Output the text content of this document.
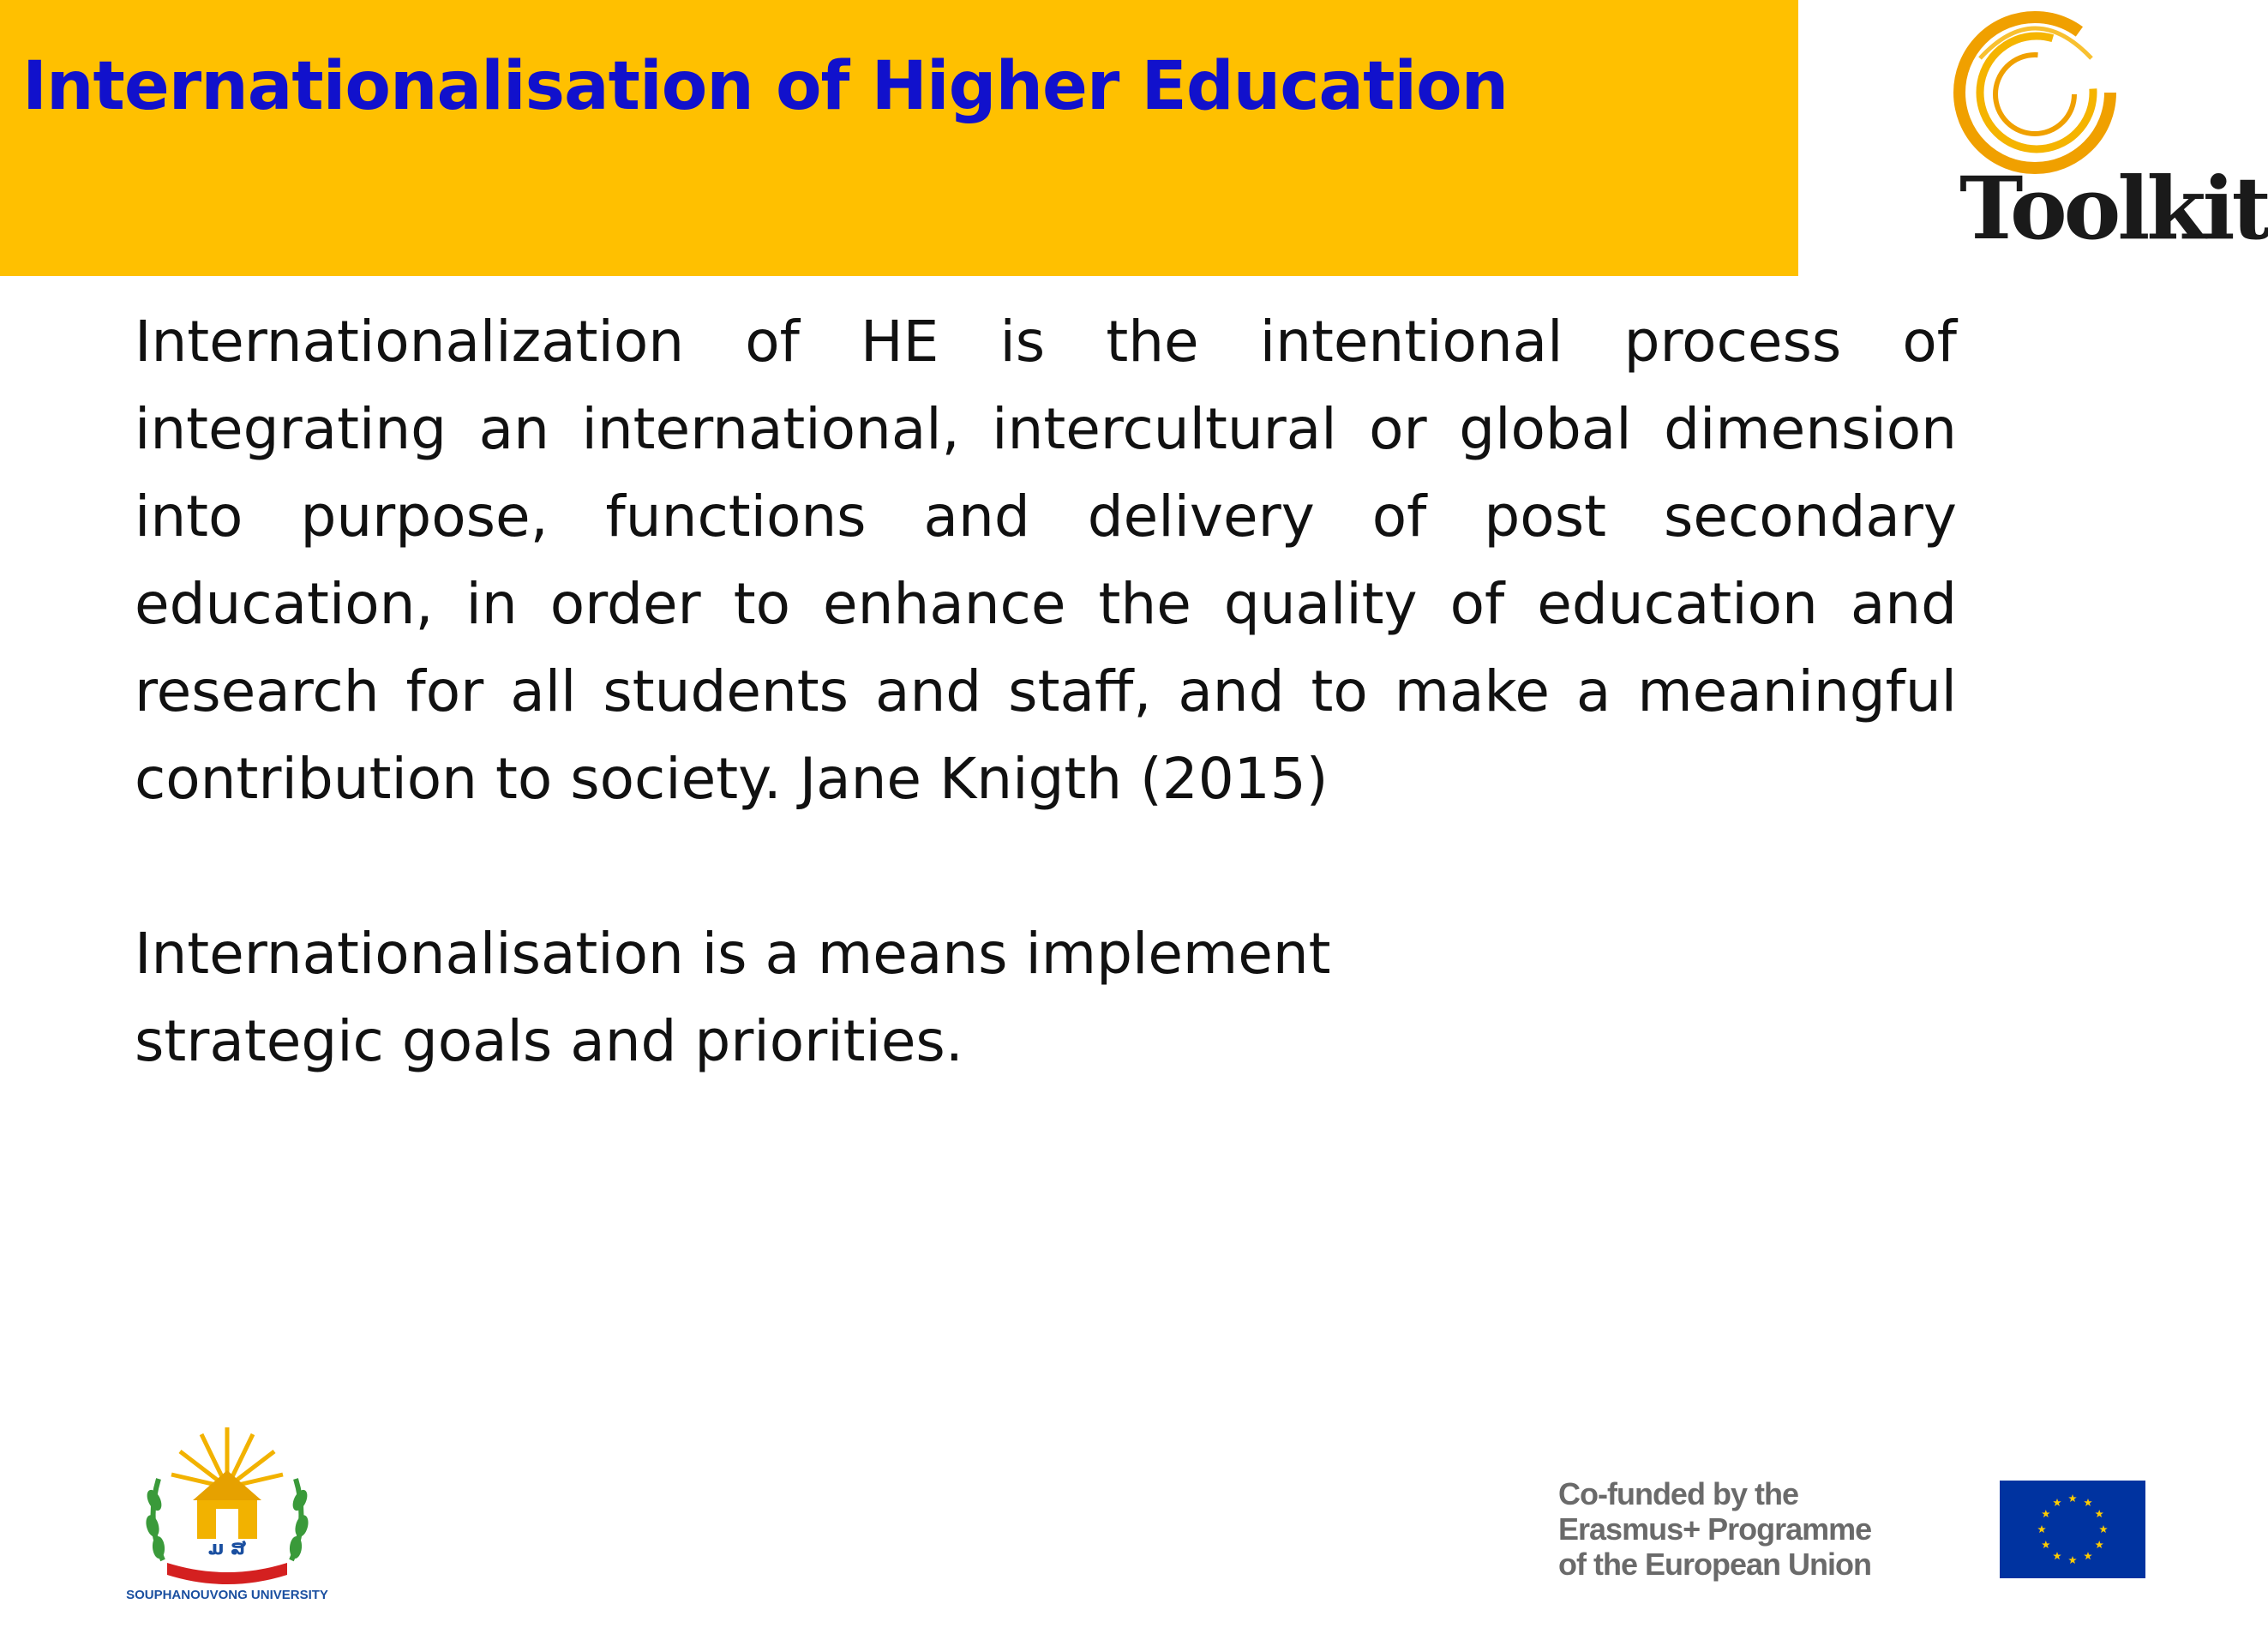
Internationalisation of Higher Education
Toolkit

Internationalization of HE is the intentional process of integrating an international, intercultural or global dimension into purpose, functions and delivery of post secondary education, in order to enhance the quality of education and research for all students and staff, and to make a meaningful contribution to society. Jane Knigth (2015)

Internationalisation is a means implement strategic goals and priorities.

ມ ສ
SOUPHANOUVONG UNIVERSITY
Co-funded by the
Erasmus+ Programme
of the European Union
